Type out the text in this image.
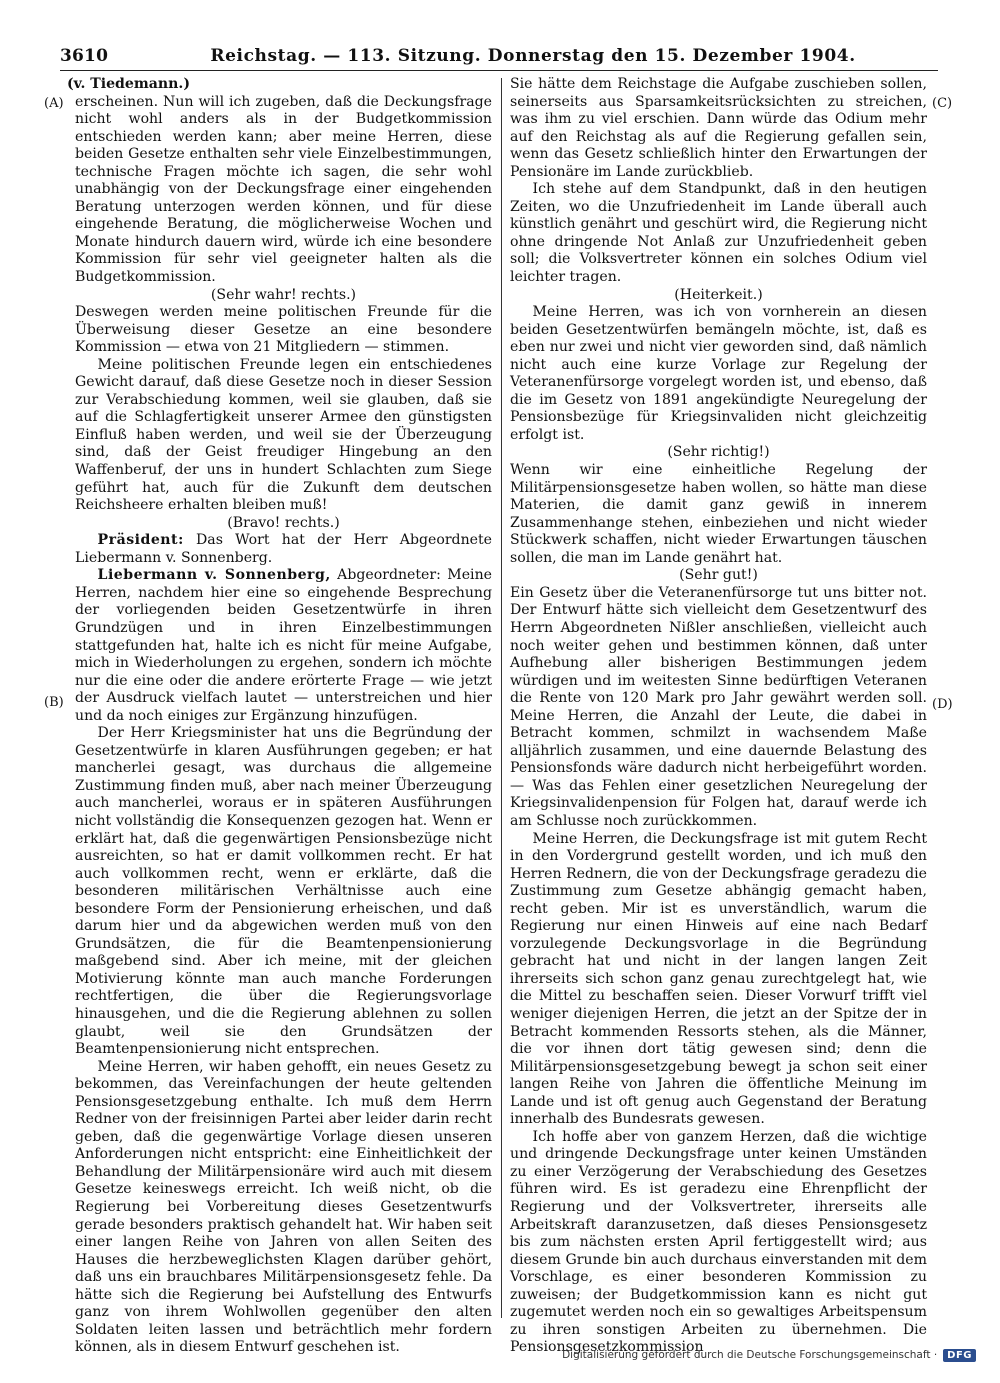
3610	Reichstag. — 113. Sitzung. Donnerstag den 15. Dezember 1904.
(A)
(B)
(C)
(D)

(v. Tiedemann.)

erscheinen. Nun will ich zugeben, daß die Deckungsfrage nicht wohl anders als in der Budgetkommission entschieden werden kann; aber meine Herren, diese beiden Gesetze enthalten sehr viele Einzelbestimmungen, technische Fragen möchte ich sagen, die sehr wohl unabhängig von der Deckungsfrage einer eingehenden Beratung unterzogen werden können, und für diese eingehende Beratung, die möglicherweise Wochen und Monate hindurch dauern wird, würde ich eine besondere Kommission für sehr viel geeigneter halten als die Budgetkommission.

(Sehr wahr! rechts.)

Deswegen werden meine politischen Freunde für die Überweisung dieser Gesetze an eine besondere Kommission — etwa von 21 Mitgliedern — stimmen.

Meine politischen Freunde legen ein entschiedenes Gewicht darauf, daß diese Gesetze noch in dieser Session zur Verabschiedung kommen, weil sie glauben, daß sie auf die Schlagfertigkeit unserer Armee den günstigsten Einfluß haben werden, und weil sie der Überzeugung sind, daß der Geist freudiger Hingebung an den Waffenberuf, der uns in hundert Schlachten zum Siege geführt hat, auch für die Zukunft dem deutschen Reichsheere erhalten bleiben muß!

(Bravo! rechts.)

Präsident: Das Wort hat der Herr Abgeordnete Liebermann v. Sonnenberg.

Liebermann v. Sonnenberg, Abgeordneter: Meine Herren, nachdem hier eine so eingehende Besprechung der vorliegenden beiden Gesetzentwürfe in ihren Grundzügen und in ihren Einzelbestimmungen stattgefunden hat, halte ich es nicht für meine Aufgabe, mich in Wiederholungen zu ergehen, sondern ich möchte nur die eine oder die andere erörterte Frage — wie jetzt der Ausdruck vielfach lautet — unterstreichen und hier und da noch einiges zur Ergänzung hinzufügen.

Der Herr Kriegsminister hat uns die Begründung der Gesetzentwürfe in klaren Ausführungen gegeben; er hat mancherlei gesagt, was durchaus die allgemeine Zustimmung finden muß, aber nach meiner Überzeugung auch mancherlei, woraus er in späteren Ausführungen nicht vollständig die Konsequenzen gezogen hat. Wenn er erklärt hat, daß die gegenwärtigen Pensionsbezüge nicht ausreichten, so hat er damit vollkommen recht. Er hat auch vollkommen recht, wenn er erklärte, daß die besonderen militärischen Verhältnisse auch eine besondere Form der Pensionierung erheischen, und daß darum hier und da abgewichen werden muß von den Grundsätzen, die für die Beamtenpensionierung maßgebend sind. Aber ich meine, mit der gleichen Motivierung könnte man auch manche Forderungen rechtfertigen, die über die Regierungsvorlage hinausgehen, und die die Regierung ablehnen zu sollen glaubt, weil sie den Grundsätzen der Beamtenpensionierung nicht entsprechen.

Meine Herren, wir haben gehofft, ein neues Gesetz zu bekommen, das Vereinfachungen der heute geltenden Pensionsgesetzgebung enthalte. Ich muß dem Herrn Redner von der freisinnigen Partei aber leider darin recht geben, daß die gegenwärtige Vorlage diesen unseren Anforderungen nicht entspricht: eine Einheitlichkeit der Behandlung der Militärpensionäre wird auch mit diesem Gesetze keineswegs erreicht. Ich weiß nicht, ob die Regierung bei Vorbereitung dieses Gesetzentwurfs gerade besonders praktisch gehandelt hat. Wir haben seit einer langen Reihe von Jahren von allen Seiten des Hauses die herzbeweglichsten Klagen darüber gehört, daß uns ein brauchbares Militärpensionsgesetz fehle. Da hätte sich die Regierung bei Aufstellung des Entwurfs ganz von ihrem Wohlwollen gegenüber den alten Soldaten leiten lassen und beträchtlich mehr fordern können, als in diesem Entwurf geschehen ist.

Sie hätte dem Reichstage die Aufgabe zuschieben sollen, seinerseits aus Sparsamkeitsrücksichten zu streichen, was ihm zu viel erschien. Dann würde das Odium mehr auf den Reichstag als auf die Regierung gefallen sein, wenn das Gesetz schließlich hinter den Erwartungen der Pensionäre im Lande zurückblieb.

Ich stehe auf dem Standpunkt, daß in den heutigen Zeiten, wo die Unzufriedenheit im Lande überall auch künstlich genährt und geschürt wird, die Regierung nicht ohne dringende Not Anlaß zur Unzufriedenheit geben soll; die Volksvertreter können ein solches Odium viel leichter tragen.

(Heiterkeit.)

Meine Herren, was ich von vornherein an diesen beiden Gesetzentwürfen bemängeln möchte, ist, daß es eben nur zwei und nicht vier geworden sind, daß nämlich nicht auch eine kurze Vorlage zur Regelung der Veteranenfürsorge vorgelegt worden ist, und ebenso, daß die im Gesetz von 1891 angekündigte Neuregelung der Pensionsbezüge für Kriegsinvaliden nicht gleichzeitig erfolgt ist.

(Sehr richtig!)

Wenn wir eine einheitliche Regelung der Militärpensionsgesetze haben wollen, so hätte man diese Materien, die damit ganz gewiß in innerem Zusammenhange stehen, einbeziehen und nicht wieder Stückwerk schaffen, nicht wieder Erwartungen täuschen sollen, die man im Lande genährt hat.

(Sehr gut!)

Ein Gesetz über die Veteranenfürsorge tut uns bitter not. Der Entwurf hätte sich vielleicht dem Gesetzentwurf des Herrn Abgeordneten Nißler anschließen, vielleicht auch noch weiter gehen und bestimmen können, daß unter Aufhebung aller bisherigen Bestimmungen jedem würdigen und im weitesten Sinne bedürftigen Veteranen die Rente von 120 Mark pro Jahr gewährt werden soll. Meine Herren, die Anzahl der Leute, die dabei in Betracht kommen, schmilzt in wachsendem Maße alljährlich zusammen, und eine dauernde Belastung des Pensionsfonds wäre dadurch nicht herbeigeführt worden. — Was das Fehlen einer gesetzlichen Neuregelung der Kriegsinvalidenpension für Folgen hat, darauf werde ich am Schlusse noch zurückkommen.

Meine Herren, die Deckungsfrage ist mit gutem Recht in den Vordergrund gestellt worden, und ich muß den Herren Rednern, die von der Deckungsfrage geradezu die Zustimmung zum Gesetze abhängig gemacht haben, recht geben. Mir ist es unverständlich, warum die Regierung nur einen Hinweis auf eine nach Bedarf vorzulegende Deckungsvorlage in die Begründung gebracht hat und nicht in der langen langen Zeit ihrerseits sich schon ganz genau zurechtgelegt hat, wie die Mittel zu beschaffen seien. Dieser Vorwurf trifft viel weniger diejenigen Herren, die jetzt an der Spitze der in Betracht kommenden Ressorts stehen, als die Männer, die vor ihnen dort tätig gewesen sind; denn die Militärpensionsgesetzgebung bewegt ja schon seit einer langen Reihe von Jahren die öffentliche Meinung im Lande und ist oft genug auch Gegenstand der Beratung innerhalb des Bundesrats gewesen.

Ich hoffe aber von ganzem Herzen, daß die wichtige und dringende Deckungsfrage unter keinen Umständen zu einer Verzögerung der Verabschiedung des Gesetzes führen wird. Es ist geradezu eine Ehrenpflicht der Regierung und der Volksvertreter, ihrerseits alle Arbeitskraft daranzusetzen, daß dieses Pensionsgesetz bis zum nächsten ersten April fertiggestellt wird; aus diesem Grunde bin auch durchaus einverstanden mit dem Vorschlage, es einer besonderen Kommission zu zuweisen; der Budgetkommission kann es nicht gut zugemutet werden noch ein so gewaltiges Arbeitspensum zu ihren sonstigen Arbeiten zu übernehmen. Die Pensionsgesetzkommission

Digitalisierung gefördert durch die Deutsche Forschungsgemeinschaft ·	DFG
